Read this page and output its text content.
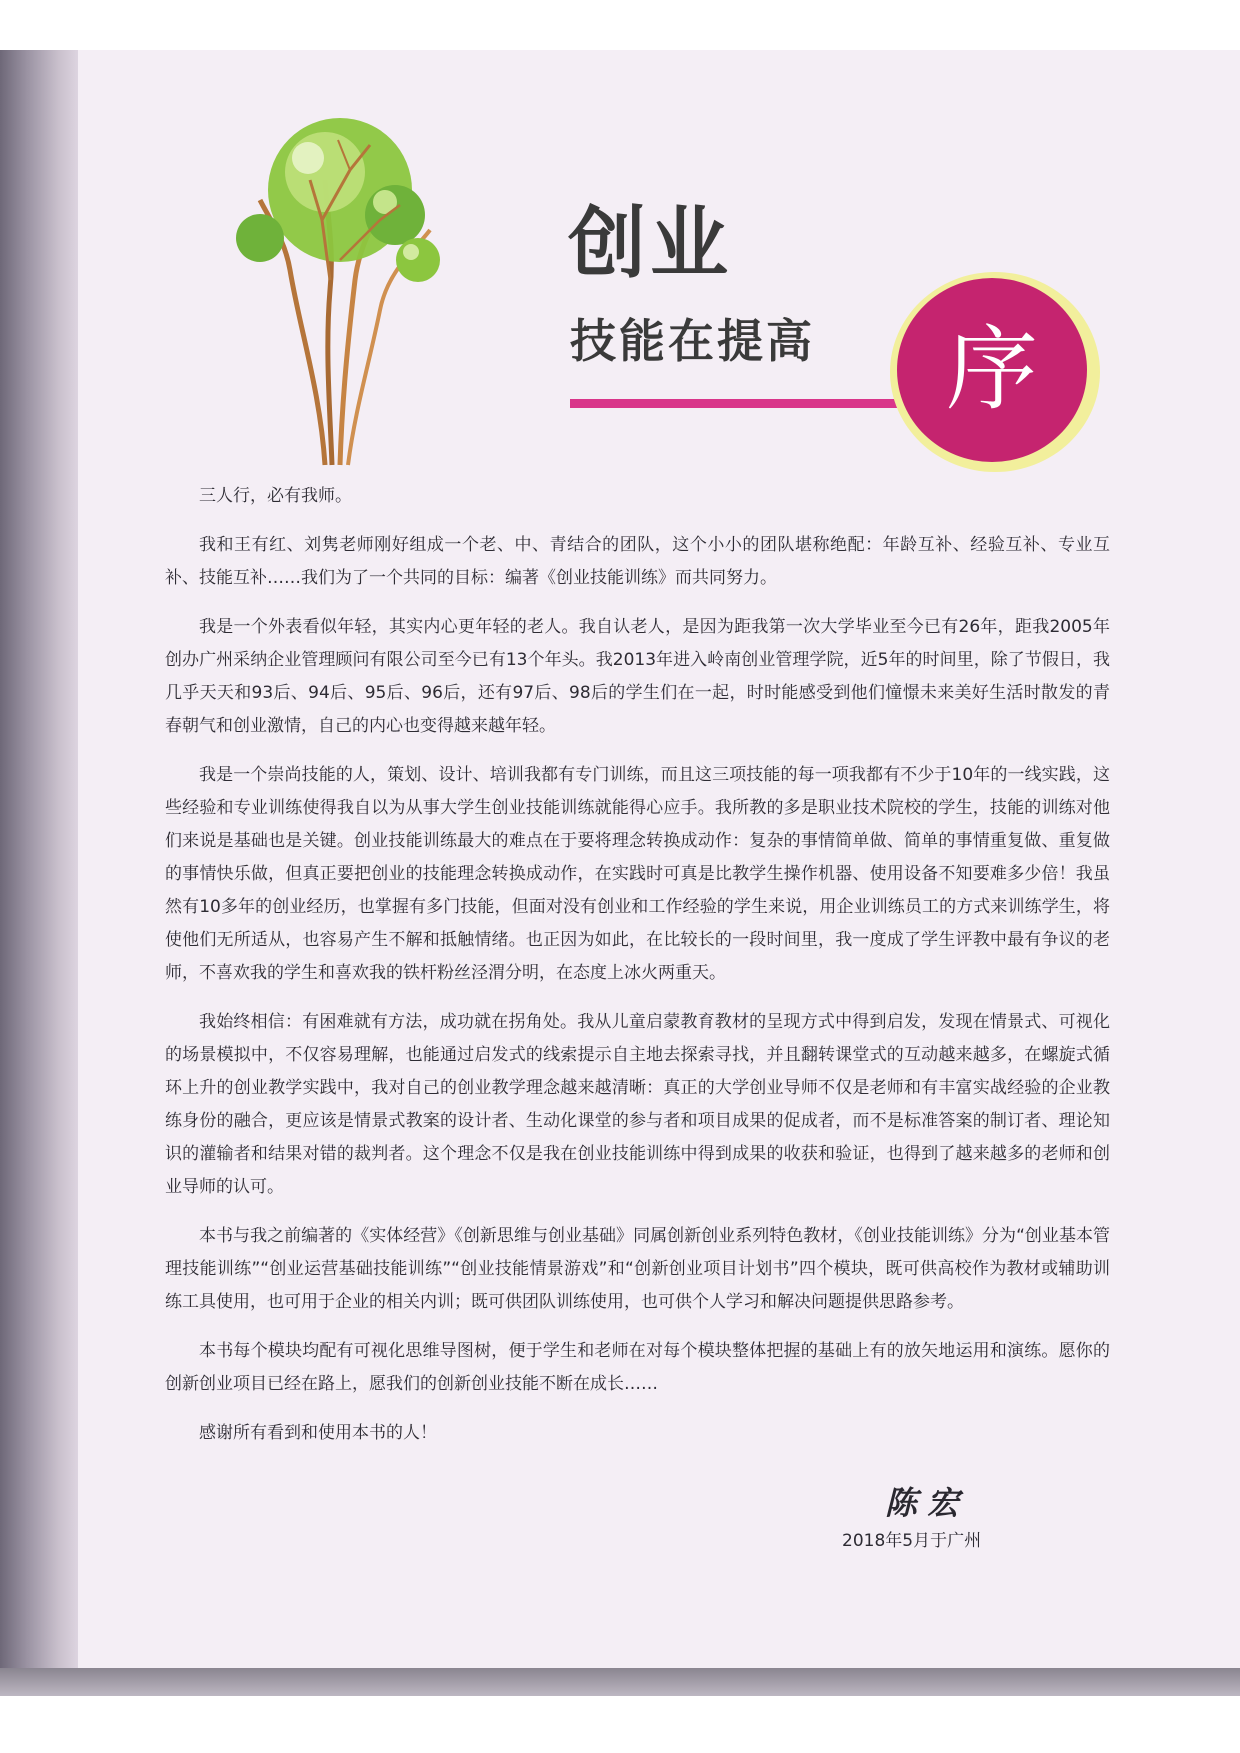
创业
技能在提高 序

三人行，必有我师。

我和王有红、刘隽老师刚好组成一个老、中、青结合的团队，这个小小的团队堪称绝配：年龄互补、经验互补、专业互补、技能互补……我们为了一个共同的目标：编著《创业技能训练》而共同努力。

我是一个外表看似年轻，其实内心更年轻的老人。我自认老人，是因为距我第一次大学毕业至今已有26年，距我2005年创办广州采纳企业管理顾问有限公司至今已有13个年头。我2013年进入岭南创业管理学院，近5年的时间里，除了节假日，我几乎天天和93后、94后、95后、96后，还有97后、98后的学生们在一起，时时能感受到他们憧憬未来美好生活时散发的青春朝气和创业激情，自己的内心也变得越来越年轻。

我是一个崇尚技能的人，策划、设计、培训我都有专门训练，而且这三项技能的每一项我都有不少于10年的一线实践，这些经验和专业训练使得我自以为从事大学生创业技能训练就能得心应手。我所教的多是职业技术院校的学生，技能的训练对他们来说是基础也是关键。创业技能训练最大的难点在于要将理念转换成动作：复杂的事情简单做、简单的事情重复做、重复做的事情快乐做，但真正要把创业的技能理念转换成动作，在实践时可真是比教学生操作机器、使用设备不知要难多少倍！我虽然有10多年的创业经历，也掌握有多门技能，但面对没有创业和工作经验的学生来说，用企业训练员工的方式来训练学生，将使他们无所适从，也容易产生不解和抵触情绪。也正因为如此，在比较长的一段时间里，我一度成了学生评教中最有争议的老师，不喜欢我的学生和喜欢我的铁杆粉丝泾渭分明，在态度上冰火两重天。

我始终相信：有困难就有方法，成功就在拐角处。我从儿童启蒙教育教材的呈现方式中得到启发，发现在情景式、可视化的场景模拟中，不仅容易理解，也能通过启发式的线索提示自主地去探索寻找，并且翻转课堂式的互动越来越多，在螺旋式循环上升的创业教学实践中，我对自己的创业教学理念越来越清晰：真正的大学创业导师不仅是老师和有丰富实战经验的企业教练身份的融合，更应该是情景式教案的设计者、生动化课堂的参与者和项目成果的促成者，而不是标准答案的制订者、理论知识的灌输者和结果对错的裁判者。这个理念不仅是我在创业技能训练中得到成果的收获和验证，也得到了越来越多的老师和创业导师的认可。

本书与我之前编著的《实体经营》《创新思维与创业基础》同属创新创业系列特色教材，《创业技能训练》分为“创业基本管理技能训练”“创业运营基础技能训练”“创业技能情景游戏”和“创新创业项目计划书”四个模块，既可供高校作为教材或辅助训练工具使用，也可用于企业的相关内训；既可供团队训练使用，也可供个人学习和解决问题提供思路参考。

本书每个模块均配有可视化思维导图树，便于学生和老师在对每个模块整体把握的基础上有的放矢地运用和演练。愿你的创新创业项目已经在路上，愿我们的创新创业技能不断在成长……

感谢所有看到和使用本书的人！

陈宏
2018年5月于广州
